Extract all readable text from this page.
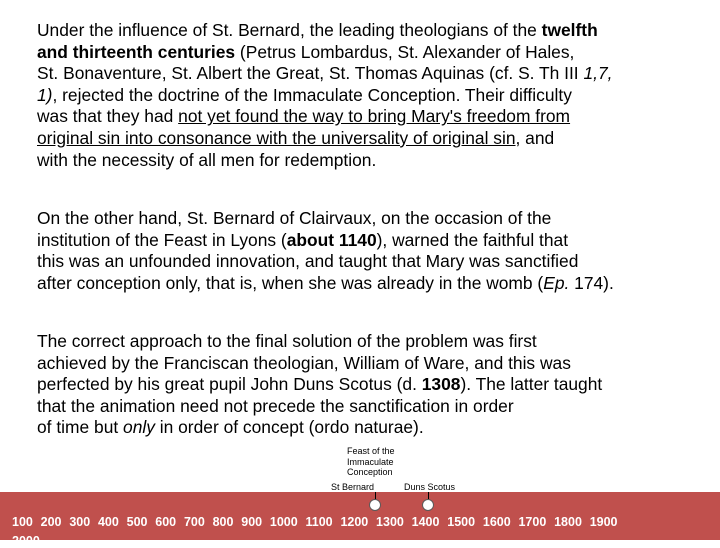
Under the influence of St. Bernard, the leading theologians of the twelfth
and thirteenth centuries (Petrus Lombardus, St. Alexander of Hales,
St. Bonaventure, St. Albert the Great, St. Thomas Aquinas (cf. S. Th III 1,7,
1), rejected the doctrine of the Immaculate Conception. Their difficulty
was that they had not yet found the way to bring Mary's freedom from
original sin into consonance with the universality of original sin, and
with the necessity of all men for redemption.
On the other hand, St. Bernard of Clairvaux, on the occasion of the
institution of the Feast in Lyons (about 1140), warned the faithful that
this was an unfounded innovation, and taught that Mary was sanctified
after conception only, that is, when she was already in the womb (Ep. 174).
The correct approach to the final solution of the problem was first
achieved by the Franciscan theologian, William of Ware, and this was
perfected by his great pupil John Duns Scotus (d. 1308). The latter taught
that the animation need not precede the sanctification in order
of time but only in order of concept (ordo naturae).
Feast of the
Immaculate
Conception
St Bernard	Duns Scotus
100 200 300 400 500 600 700 800 900 1000 1100 1200 1300 1400 1500 1600 1700 1800 1900
2000
